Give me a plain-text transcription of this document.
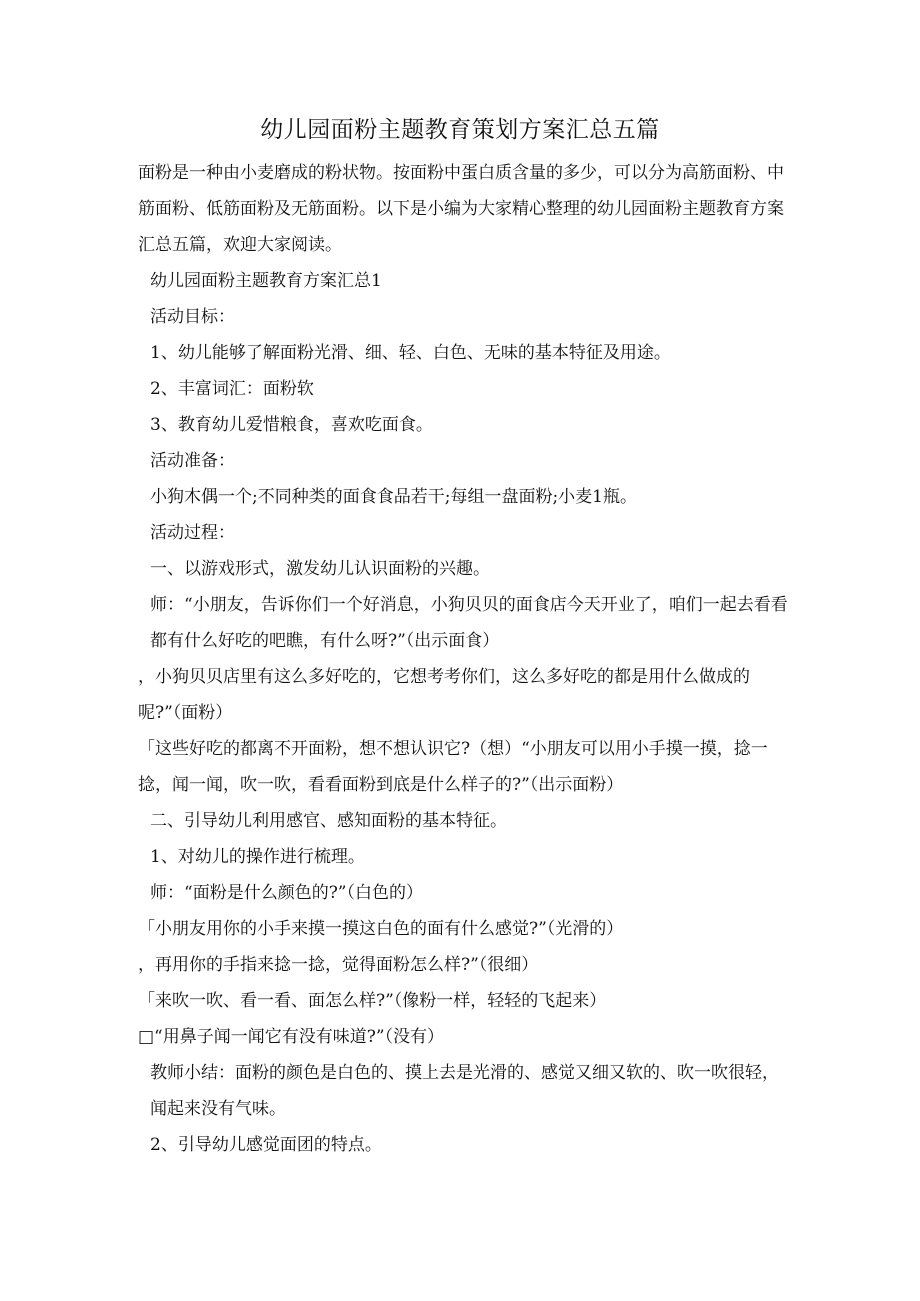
幼儿园面粉主题教育策划方案汇总五篇

面粉是一种由小麦磨成的粉状物。按面粉中蛋白质含量的多少，可以分为高筋面粉、中筋面粉、低筋面粉及无筋面粉。以下是小编为大家精心整理的幼儿园面粉主题教育方案汇总五篇，欢迎大家阅读。

幼儿园面粉主题教育方案汇总1

活动目标：

1、幼儿能够了解面粉光滑、细、轻、白色、无味的基本特征及用途。

2、丰富词汇：面粉软

3、教育幼儿爱惜粮食，喜欢吃面食。

活动准备：

小狗木偶一个;不同种类的面食食品若干;每组一盘面粉;小麦1瓶。

活动过程：

一、以游戏形式，激发幼儿认识面粉的兴趣。

师：“小朋友，告诉你们一个好消息，小狗贝贝的面食店今天开业了，咱们一起去看看都有什么好吃的吧瞧，有什么呀?”（出示面食）

，小狗贝贝店里有这么多好吃的，它想考考你们，这么多好吃的都是用什么做成的呢?”（面粉）

「这些好吃的都离不开面粉，想不想认识它?（想）“小朋友可以用小手摸一摸，捻一捻，闻一闻，吹一吹，看看面粉到底是什么样子的?”（出示面粉）

二、引导幼儿利用感官、感知面粉的基本特征。

1、对幼儿的操作进行梳理。

师：“面粉是什么颜色的?”（白色的）

「小朋友用你的小手来摸一摸这白色的面有什么感觉?”（光滑的）

，再用你的手指来捻一捻，觉得面粉怎么样?”（很细）

「来吹一吹、看一看、面怎么样?”（像粉一样，轻轻的飞起来）

□“用鼻子闻一闻它有没有味道?”（没有）

教师小结：面粉的颜色是白色的、摸上去是光滑的、感觉又细又软的、吹一吹很轻，闻起来没有气味。

2、引导幼儿感觉面团的特点。
